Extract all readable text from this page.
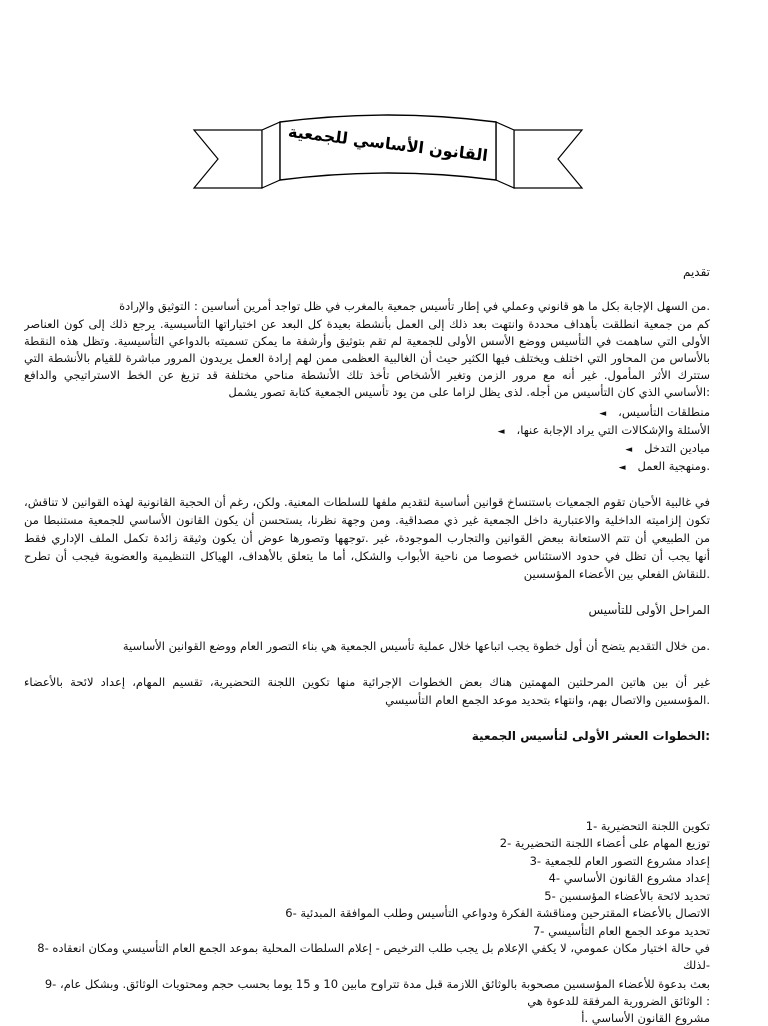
القانون الأساسي للجمعية
تقديم
.من السهل الإجابة بكل ما هو قانوني وعملي في إطار تأسيس جمعية بالمغرب في ظل تواجد أمرين أساسين : التوثيق والإرادة
كم من جمعية انطلقت بأهداف محددة وانتهت بعد ذلك إلى العمل بأنشطة بعيدة كل البعد عن اختياراتها التأسيسية. يرجع ذلك إلى كون العناصر
الأولى التي ساهمت في التأسيس ووضع الأسس الأولى للجمعية لم تقم بتوثيق وأرشفة ما يمكن تسميته بالدواعي التأسيسية. وتظل هذه النقطة
بالأساس من المحاور التي اختلف ويختلف فيها الكثير حيث أن الغالبية العظمى ممن لهم إرادة العمل يريدون المرور مباشرة للقيام بالأنشطة التي
ستترك الأثر المأمول. غير أنه مع مرور الزمن وتغير الأشخاص تأخذ تلك الأنشطة مناحي مختلفة قد تزيغ عن الخط الاستراتيجي والدافع
:الأساسي الذي كان التأسيس من أجله. لذى يظل لزاما على من يود تأسيس الجمعية كتابة تصور يشمل
منطلقات التأسيس،◄
الأسئلة والإشكالات التي يراد الإجابة عنها،◄
ميادين التدخل◄
.ومنهجية العمل◄
في غالبية الأحيان تقوم الجمعيات باستنساخ قوانين أساسية لتقديم ملفها للسلطات المعنية. ولكن، رغم أن الحجية القانونية لهذه القوانين لا تناقش،
تكون إلزاميته الداخلية والاعتبارية داخل الجمعية غير ذي مصداقية. ومن وجهة نظرنا، يستحسن أن يكون القانون الأساسي للجمعية مستنبطا من
من الطبيعي أن تتم الاستعانة ببعض القوانين والتجارب الموجودة، غير .توجهها وتصورها عوض أن يكون وثيقة زائدة تكمل الملف الإداري فقط
أنها يجب أن تظل في حدود الاستئناس خصوصا من ناحية الأبواب والشكل، أما ما يتعلق بالأهداف، الهياكل التنظيمية والعضوية فيجب أن تطرح
.للنقاش الفعلي بين الأعضاء المؤسسين
المراحل الأولى للتأسيس
.من خلال التقديم يتضح أن أول خطوة يجب اتباعها خلال عملية تأسيس الجمعية هي بناء التصور العام ووضع القوانين الأساسية
غير أن بين هاتين المرحلتين المهمتين هناك بعض الخطوات الإجرائية منها تكوين اللجنة التحضيرية، تقسيم المهام، إعداد لائحة بالأعضاء
.المؤسسين والاتصال بهم، وانتهاء بتحديد موعد الجمع العام التأسيسي
:الخطوات العشر الأولى لتأسيس الجمعية
تكوين اللجنة التحضيرية -1
توزيع المهام على أعضاء اللجنة التحضيرية -2
إعداد مشروع التصور العام للجمعية -3
إعداد مشروع القانون الأساسي -4
تحديد لائحة بالأعضاء المؤسسين -5
الاتصال بالأعضاء المقترحين ومناقشة الفكرة ودواعي التأسيس وطلب الموافقة المبدئية -6
تحديد موعد الجمع العام التأسيسي -7
في حالة اختيار مكان عمومي، لا يكفي الإعلام بل يجب طلب الترخيص - إعلام السلطات المحلية بموعد الجمع العام التأسيسي ومكان انعقاده -8
-لذلك
بعث بدعوة للأعضاء المؤسسين مصحوبة بالوثائق اللازمة قبل مدة تتراوح مابين 10 و 15 يوما بحسب حجم ومحتويات الوثائق. وبشكل عام، -9
: الوثائق الضرورية المرفقة للدعوة هي
مشروع القانون الأساسي .أ
